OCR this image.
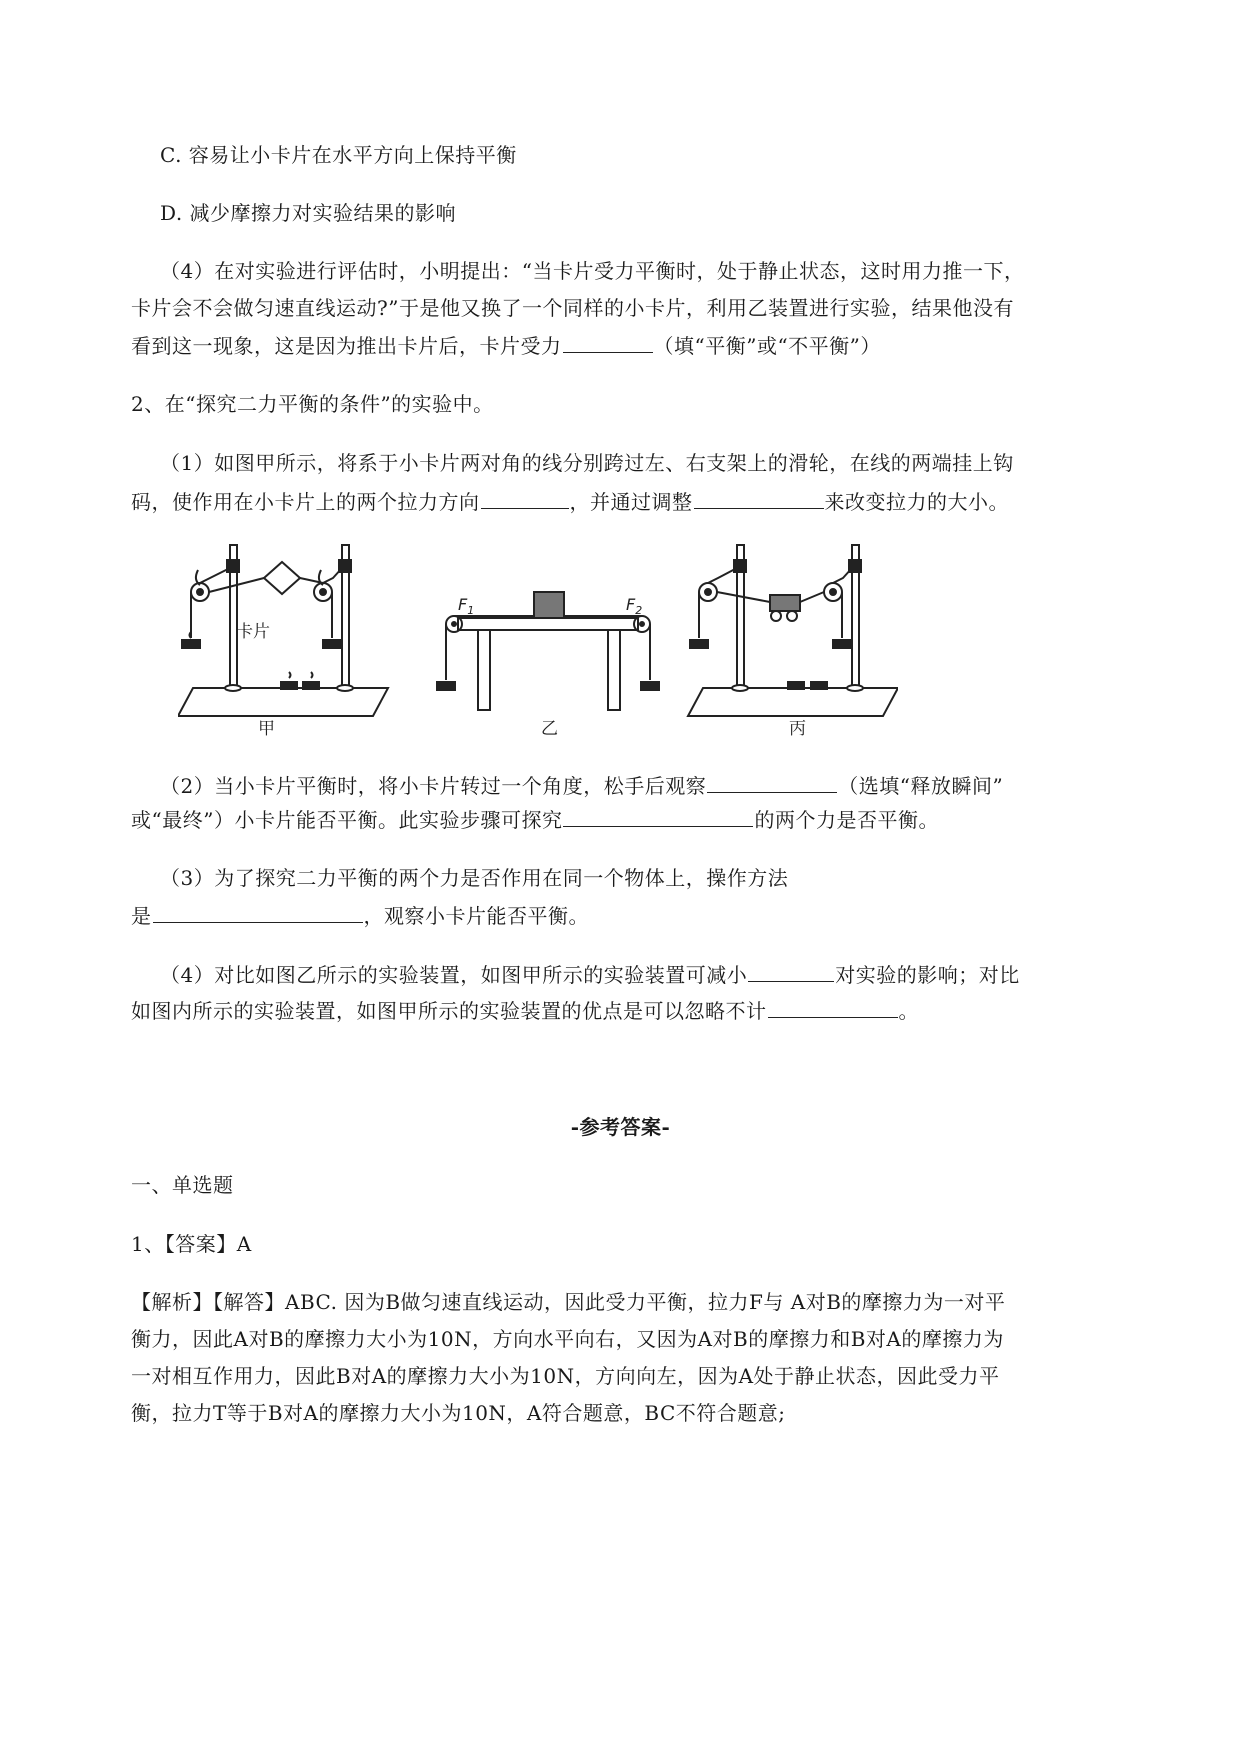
C. 容易让小卡片在水平方向上保持平衡
D. 减少摩擦力对实验结果的影响
（4）在对实验进行评估时，小明提出：“当卡片受力平衡时，处于静止状态，这时用力推一下，
卡片会不会做匀速直线运动?”于是他又换了一个同样的小卡片，利用乙装置进行实验，结果他没有
看到这一现象，这是因为推出卡片后，卡片受力	（填“平衡”或“不平衡”）
2、在“探究二力平衡的条件”的实验中。
（1）如图甲所示，将系于小卡片两对角的线分别跨过左、右支架上的滑轮，在线的两端挂上钩
码，使作用在小卡片上的两个拉力方向	，并通过调整	来改变拉力的大小。
卡片
甲
$F_1$	$F_2$
乙	丙
（2）当小卡片平衡时，将小卡片转过一个角度，松手后观察	（选填“释放瞬间”
或“最终”）小卡片能否平衡。此实验步骤可探究	的两个力是否平衡。
（3）为了探究二力平衡的两个力是否作用在同一个物体上，操作方法
是	，观察小卡片能否平衡。
（4）对比如图乙所示的实验装置，如图甲所示的实验装置可减小	对实验的影响；对比
如图内所示的实验装置，如图甲所示的实验装置的优点是可以忽略不计	。
-参考答案-
一、单选题
1、【答案】A
【解析】【解答】ABC. 因为B做匀速直线运动，因此受力平衡，拉力F与 A对B的摩擦力为一对平
衡力，因此A对B的摩擦力大小为10N，方向水平向右，又因为A对B的摩擦力和B对A的摩擦力为
一对相互作用力，因此B对A的摩擦力大小为10N，方向向左，因为A处于静止状态，因此受力平
衡，拉力T等于B对A的摩擦力大小为10N，A符合题意，BC不符合题意;
